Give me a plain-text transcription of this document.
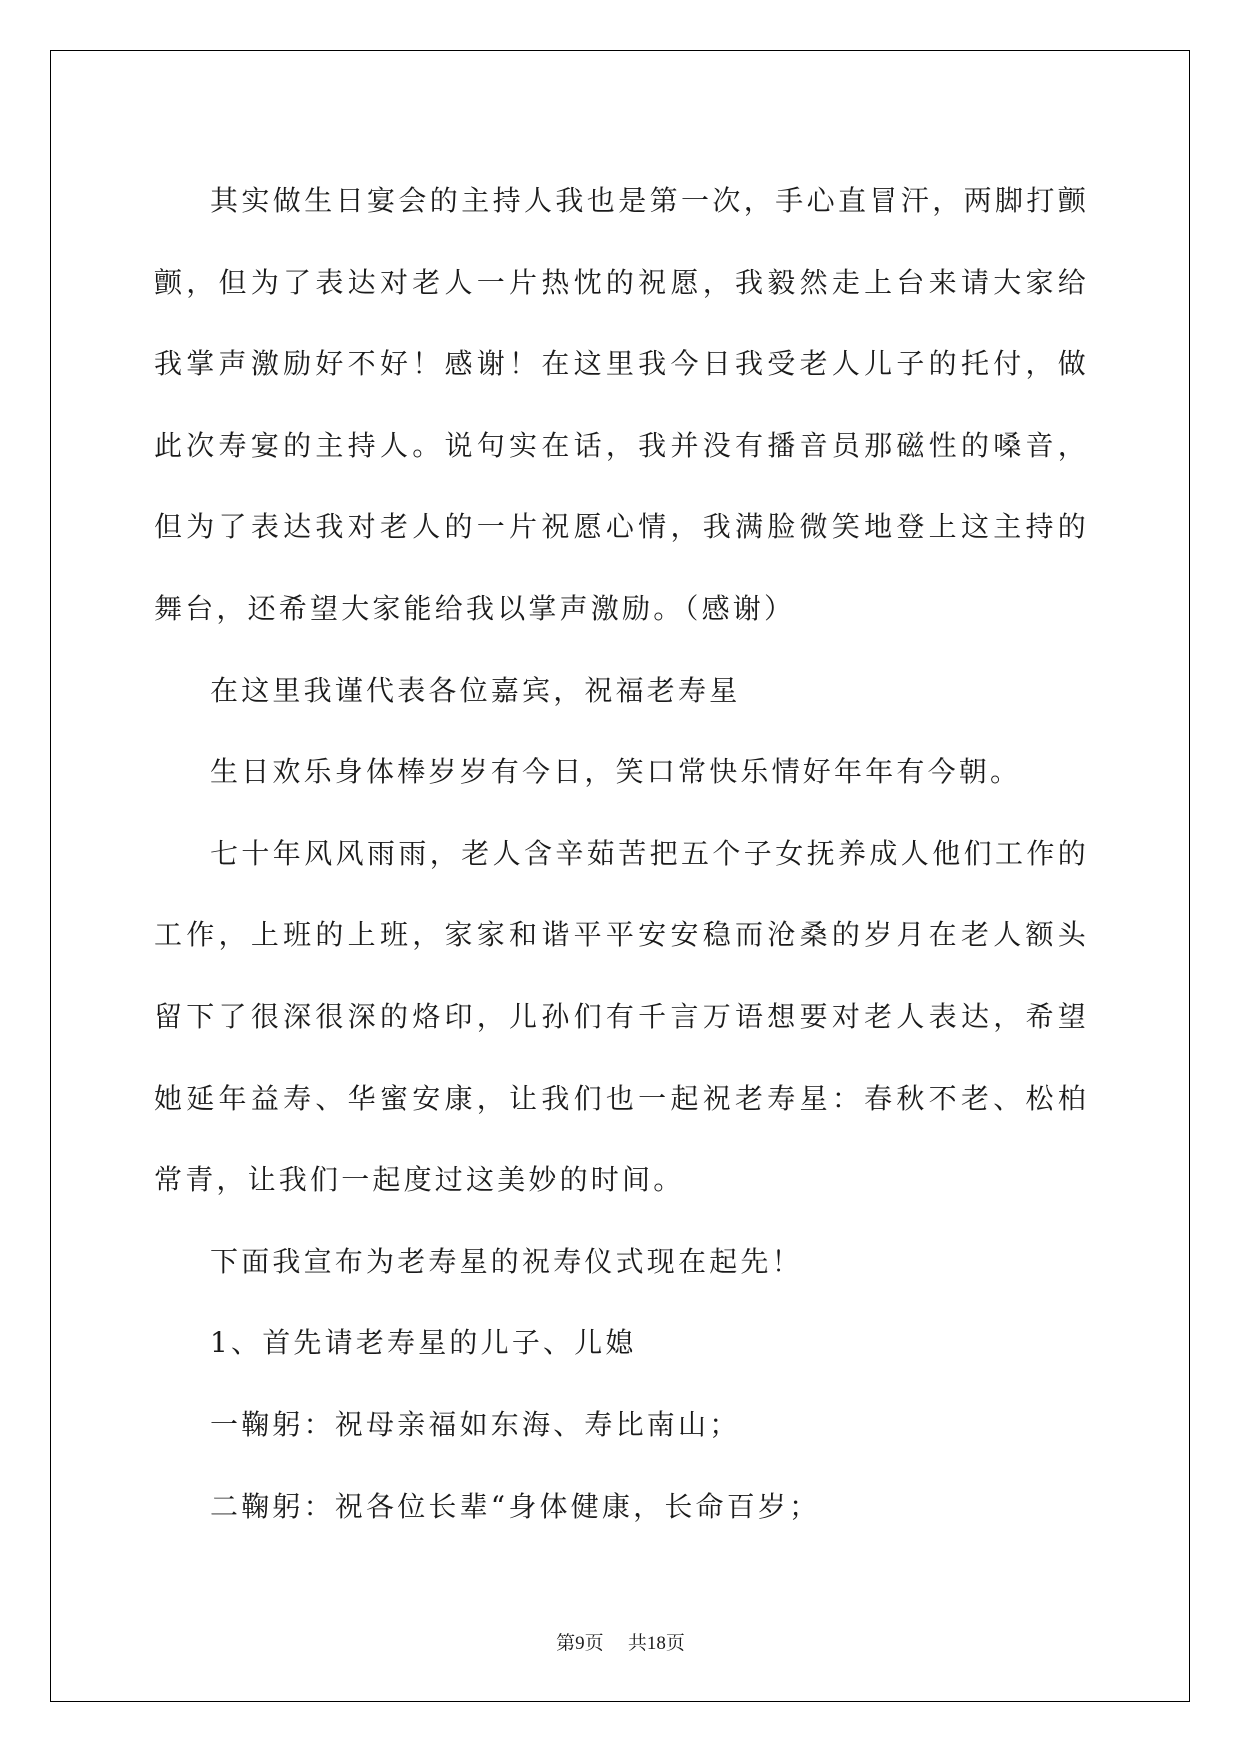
其实做生日宴会的主持人我也是第一次，手心直冒汗，两脚打颤颤，但为了表达对老人一片热忱的祝愿，我毅然走上台来请大家给我掌声激励好不好！感谢！在这里我今日我受老人儿子的托付，做此次寿宴的主持人。说句实在话，我并没有播音员那磁性的嗓音，但为了表达我对老人的一片祝愿心情，我满脸微笑地登上这主持的舞台，还希望大家能给我以掌声激励。（感谢）

在这里我谨代表各位嘉宾，祝福老寿星

生日欢乐身体棒岁岁有今日，笑口常快乐情好年年有今朝。

七十年风风雨雨，老人含辛茹苦把五个子女抚养成人他们工作的工作，上班的上班，家家和谐平平安安稳而沧桑的岁月在老人额头留下了很深很深的烙印，儿孙们有千言万语想要对老人表达，希望她延年益寿、华蜜安康，让我们也一起祝老寿星：春秋不老、松柏常青，让我们一起度过这美妙的时间。

下面我宣布为老寿星的祝寿仪式现在起先！

1、首先请老寿星的儿子、儿媳

一鞠躬：祝母亲福如东海、寿比南山；

二鞠躬：祝各位长辈“身体健康，长命百岁；

第9页 共18页
